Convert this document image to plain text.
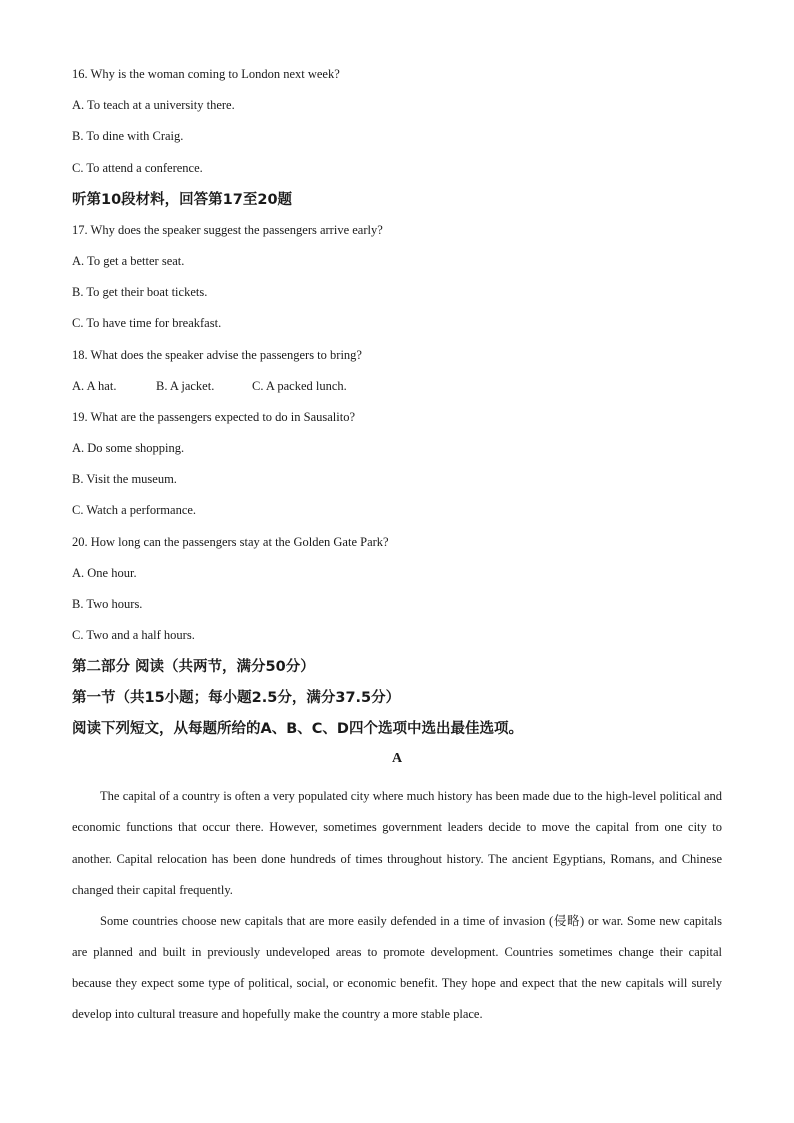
16. Why is the woman coming to London next week?
A. To teach at a university there.
B. To dine with Craig.
C. To attend a conference.
听第10段材料，回答第17至20题
17. Why does the speaker suggest the passengers arrive early?
A. To get a better seat.
B. To get their boat tickets.
C. To have time for breakfast.
18. What does the speaker advise the passengers to bring?
A. A hat.	B. A jacket.	C. A packed lunch.
19. What are the passengers expected to do in Sausalito?
A. Do some shopping.
B. Visit the museum.
C. Watch a performance.
20. How long can the passengers stay at the Golden Gate Park?
A. One hour.
B. Two hours.
C. Two and a half hours.
第二部分 阅读（共两节，满分50分）
第一节（共15小题；每小题2.5分，满分37.5分）
阅读下列短文，从每题所给的A、B、C、D四个选项中选出最佳选项。
A

The capital of a country is often a very populated city where much history has been made due to the high-level political and economic functions that occur there. However, sometimes government leaders decide to move the capital from one city to another. Capital relocation has been done hundreds of times throughout history. The ancient Egyptians, Romans, and Chinese changed their capital frequently.

Some countries choose new capitals that are more easily defended in a time of invasion (侵略) or war. Some new capitals are planned and built in previously undeveloped areas to promote development. Countries sometimes change their capital because they expect some type of political, social, or economic benefit. They hope and expect that the new capitals will surely develop into cultural treasure and hopefully make the country a more stable place.
